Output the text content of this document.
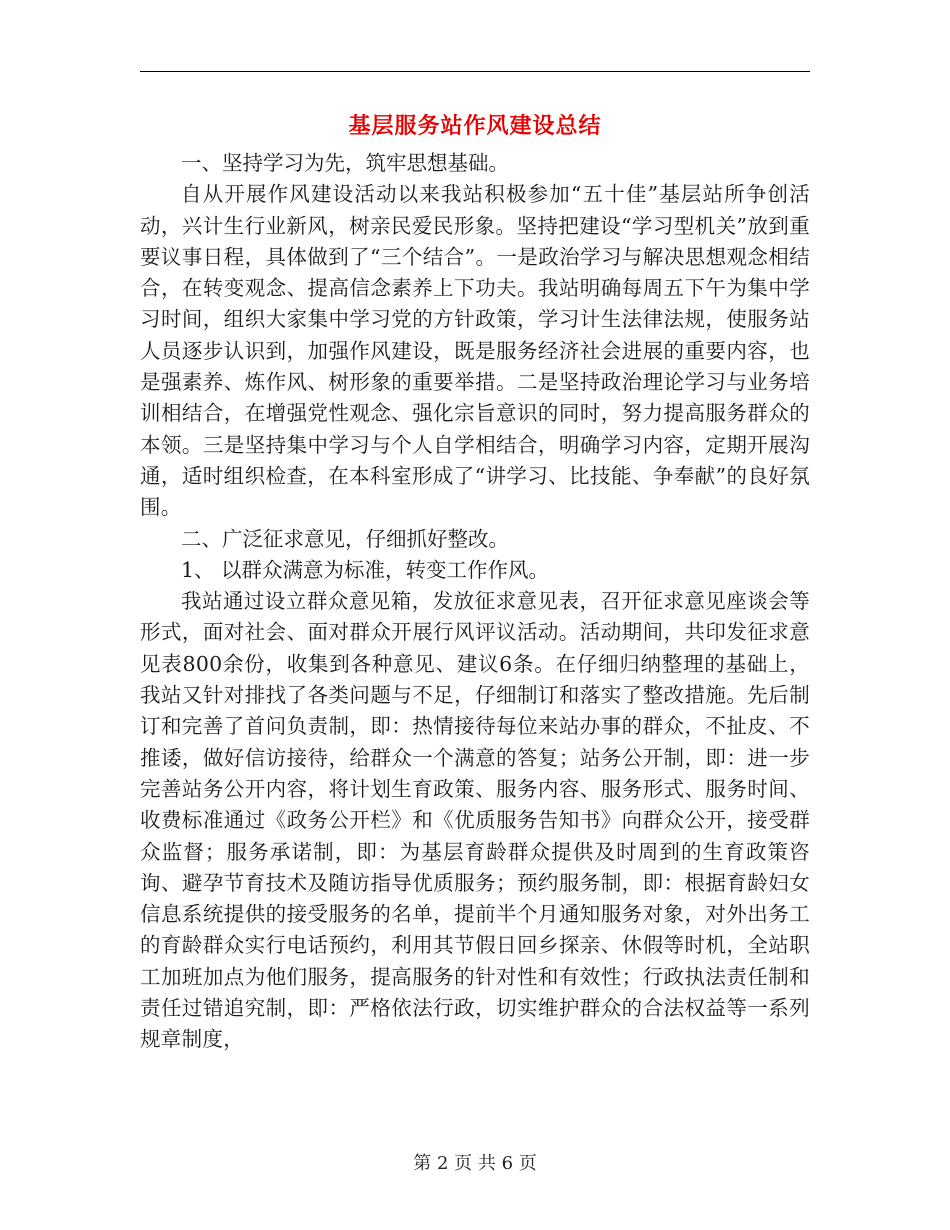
基层服务站作风建设总结

一、坚持学习为先，筑牢思想基础。

自从开展作风建设活动以来我站积极参加“五十佳”基层站所争创活动，兴计生行业新风，树亲民爱民形象。坚持把建设“学习型机关”放到重要议事日程，具体做到了“三个结合”。一是政治学习与解决思想观念相结合，在转变观念、提高信念素养上下功夫。我站明确每周五下午为集中学习时间，组织大家集中学习党的方针政策，学习计生法律法规，使服务站人员逐步认识到，加强作风建设，既是服务经济社会进展的重要内容，也是强素养、炼作风、树形象的重要举措。二是坚持政治理论学习与业务培训相结合，在增强党性观念、强化宗旨意识的同时，努力提高服务群众的本领。三是坚持集中学习与个人自学相结合，明确学习内容，定期开展沟通，适时组织检查，在本科室形成了“讲学习、比技能、争奉献”的良好氛围。

二、广泛征求意见，仔细抓好整改。

1、 以群众满意为标准，转变工作作风。

我站通过设立群众意见箱，发放征求意见表，召开征求意见座谈会等形式，面对社会、面对群众开展行风评议活动。活动期间，共印发征求意见表800余份，收集到各种意见、建议6条。在仔细归纳整理的基础上，我站又针对排找了各类问题与不足，仔细制订和落实了整改措施。先后制订和完善了首问负责制，即：热情接待每位来站办事的群众，不扯皮、不推诿，做好信访接待，给群众一个满意的答复；站务公开制，即：进一步完善站务公开内容，将计划生育政策、服务内容、服务形式、服务时间、收费标准通过《政务公开栏》和《优质服务告知书》向群众公开，接受群众监督；服务承诺制，即：为基层育龄群众提供及时周到的生育政策咨询、避孕节育技术及随访指导优质服务；预约服务制，即：根据育龄妇女信息系统提供的接受服务的名单，提前半个月通知服务对象，对外出务工的育龄群众实行电话预约，利用其节假日回乡探亲、休假等时机，全站职工加班加点为他们服务，提高服务的针对性和有效性；行政执法责任制和责任过错追究制，即：严格依法行政，切实维护群众的合法权益等一系列规章制度，

第 2 页 共 6 页
